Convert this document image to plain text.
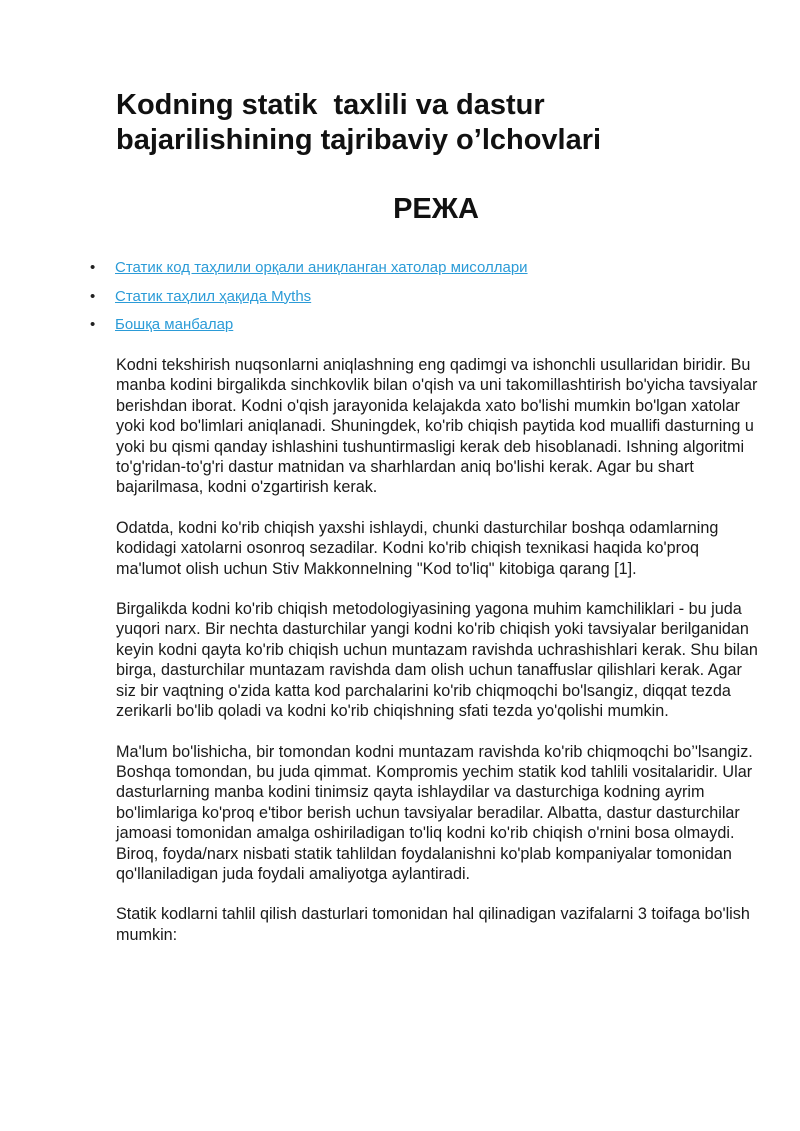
Kodning statik  taxlili va dastur
bajarilishining tajribaviy o’lchovlari
РЕЖА
• Статик код таҳлили орқали аниқланган хатолар мисоллари
• Статик таҳлил ҳақида Myths
• Бошқа манбалар

Kodni tekshirish nuqsonlarni aniqlashning eng qadimgi va ishonchli usullaridan biridir. Bu manba kodini birgalikda sinchkovlik bilan o'qish va uni takomillashtirish bo'yicha tavsiyalar berishdan iborat. Kodni o'qish jarayonida kelajakda xato bo'lishi mumkin bo'lgan xatolar yoki kod bo'limlari aniqlanadi. Shuningdek, ko'rib chiqish paytida kod muallifi dasturning u yoki bu qismi qanday ishlashini tushuntirmasligi kerak deb hisoblanadi. Ishning algoritmi to'g'ridan-to'g'ri dastur matnidan va sharhlardan aniq bo'lishi kerak. Agar bu shart bajarilmasa, kodni o'zgartirish kerak.

Odatda, kodni ko'rib chiqish yaxshi ishlaydi, chunki dasturchilar boshqa odamlarning kodidagi xatolarni osonroq sezadilar. Kodni ko'rib chiqish texnikasi haqida ko'proq ma'lumot olish uchun Stiv Makkonnelning "Kod to'liq" kitobiga qarang [1].

Birgalikda kodni ko'rib chiqish metodologiyasining yagona muhim kamchiliklari - bu juda yuqori narx. Bir nechta dasturchilar yangi kodni ko'rib chiqish yoki tavsiyalar berilganidan keyin kodni qayta ko'rib chiqish uchun muntazam ravishda uchrashishlari kerak. Shu bilan birga, dasturchilar muntazam ravishda dam olish uchun tanaffuslar qilishlari kerak. Agar siz bir vaqtning o'zida katta kod parchalarini ko'rib chiqmoqchi bo'lsangiz, diqqat tezda zerikarli bo'lib qoladi va kodni ko'rib chiqishning sfati tezda yo'qolishi mumkin.

Ma'lum bo'lishicha, bir tomondan kodni muntazam ravishda ko'rib chiqmoqchi bo’'lsangiz. Boshqa tomondan, bu juda qimmat. Kompromis yechim statik kod tahlili vositalaridir. Ular dasturlarning manba kodini tinimsiz qayta ishlaydilar va dasturchiga kodning ayrim bo'limlariga ko'proq e'tibor berish uchun tavsiyalar beradilar. Albatta, dastur dasturchilar jamoasi tomonidan amalga oshiriladigan to'liq kodni ko'rib chiqish o'rnini bosa olmaydi. Biroq, foyda/narx nisbati statik tahlildan foydalanishni ko'plab kompaniyalar tomonidan qo'llaniladigan juda foydali amaliyotga aylantiradi.

Statik kodlarni tahlil qilish dasturlari tomonidan hal qilinadigan vazifalarni 3 toifaga bo'lish mumkin:
